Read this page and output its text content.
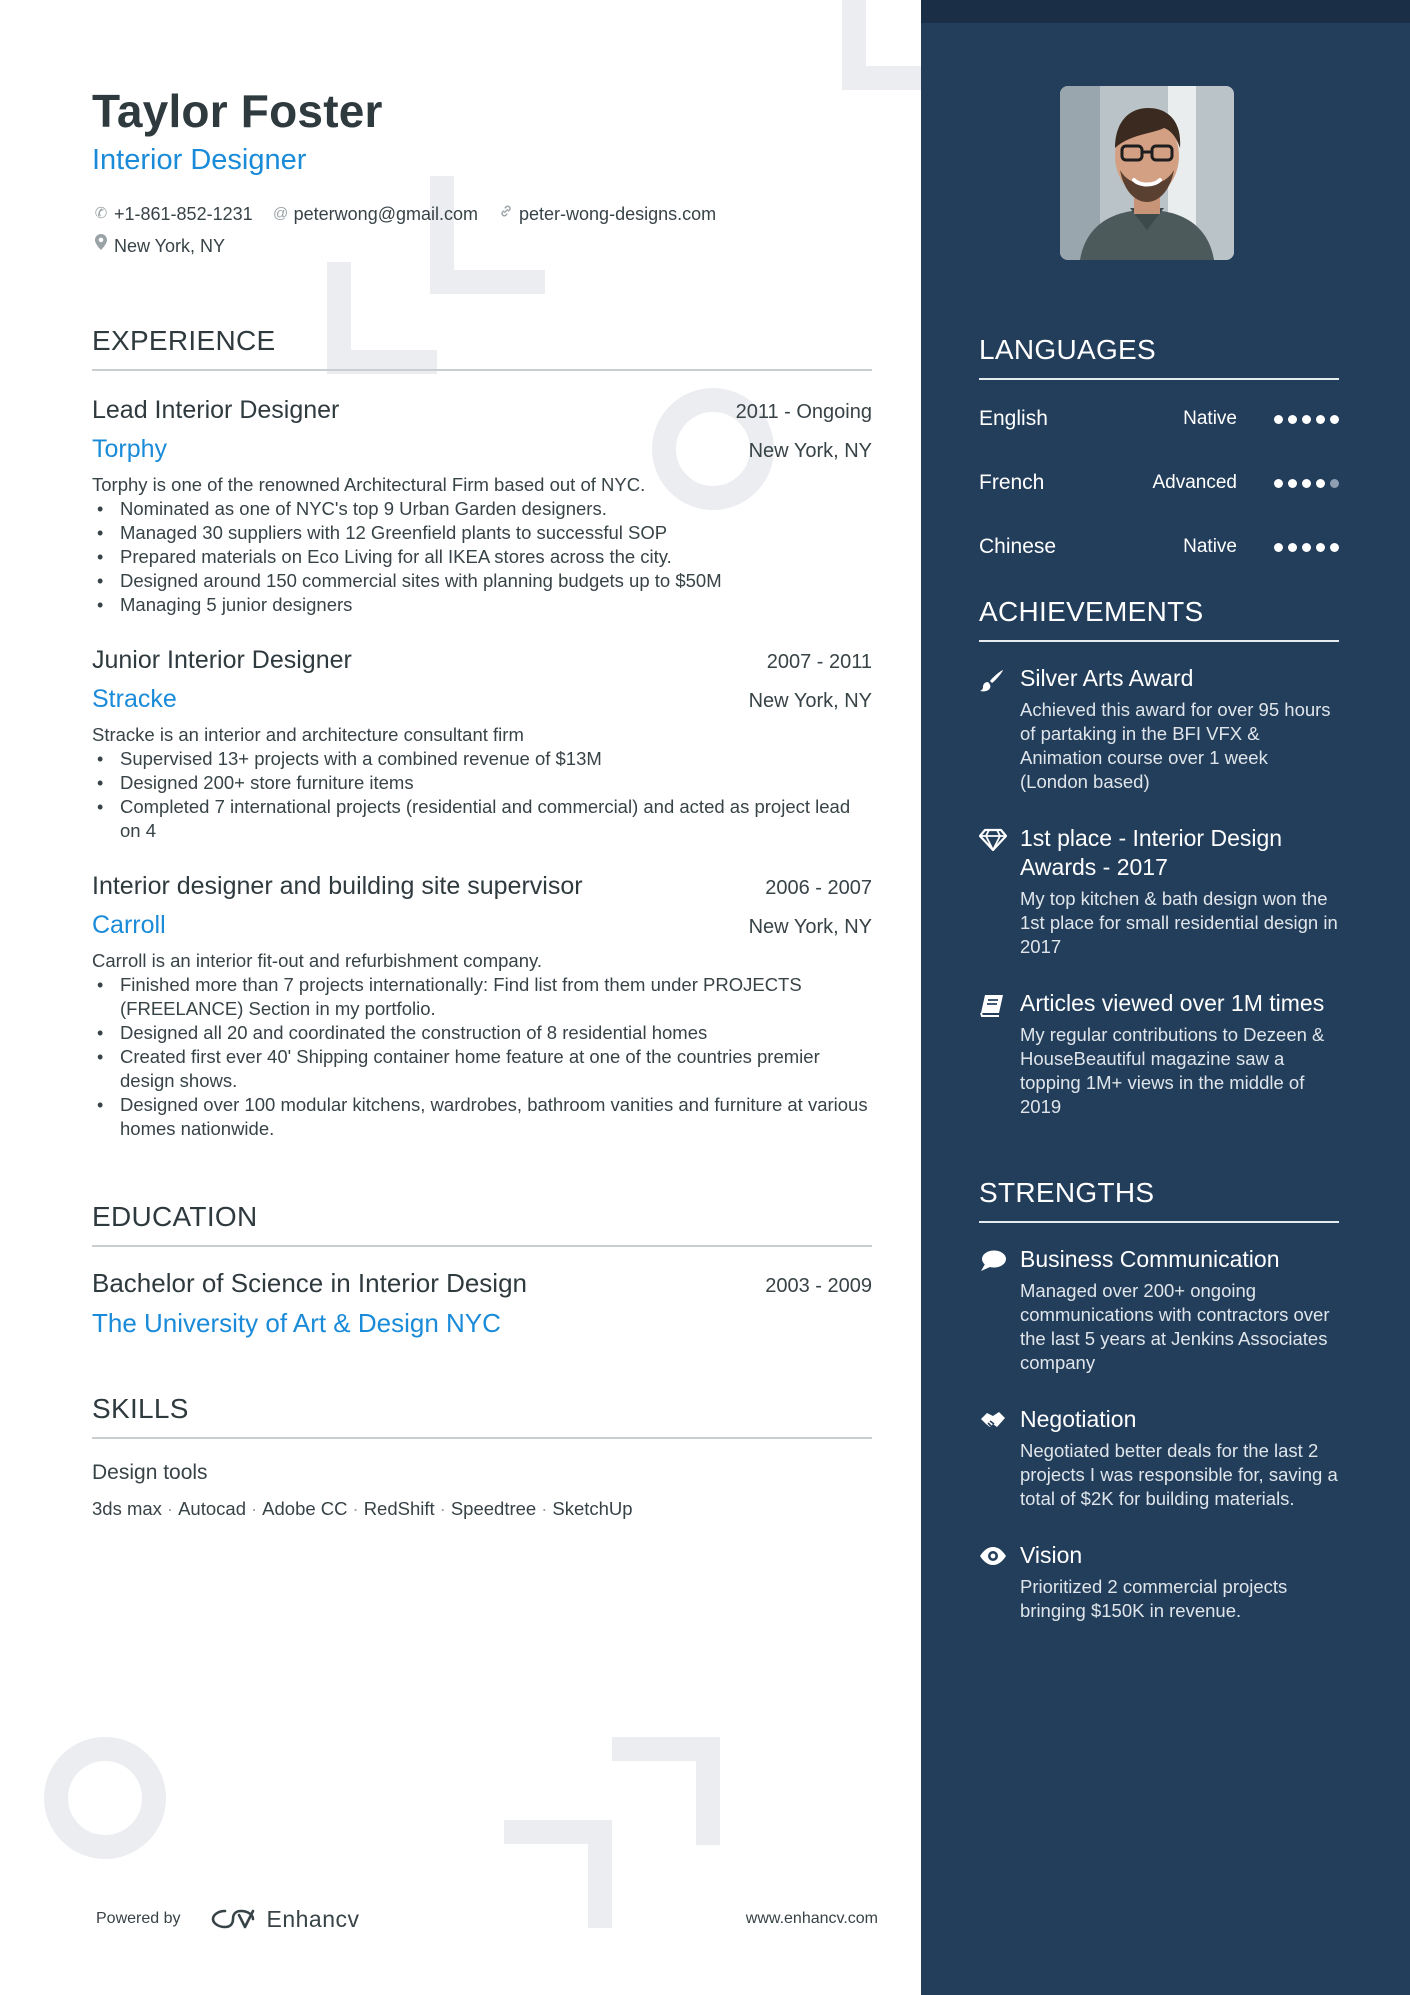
Taylor Foster
Interior Designer
✆ +1-861-852-1231
@ peterwong@gmail.com
peter-wong-designs.com
New York, NY
EXPERIENCE
Lead Interior Designer	2011 - Ongoing
Torphy	New York, NY
Torphy is one of the renowned Architectural Firm based out of NYC.
• Nominated as one of NYC's top 9 Urban Garden designers.
• Managed 30 suppliers with 12 Greenfield plants to successful SOP
• Prepared materials on Eco Living for all IKEA stores across the city.
• Designed around 150 commercial sites with planning budgets up to $50M
• Managing 5 junior designers
Junior Interior Designer	2007 - 2011
Stracke	New York, NY
Stracke is an interior and architecture consultant firm
• Supervised 13+ projects with a combined revenue of $13M
• Designed 200+ store furniture items
• Completed 7 international projects (residential and commercial) and acted as project lead on 4
Interior designer and building site supervisor	2006 - 2007
Carroll	New York, NY
Carroll is an interior fit-out and refurbishment company.
• Finished more than 7 projects internationally: Find list from them under PROJECTS (FREELANCE) Section in my portfolio.
• Designed all 20 and coordinated the construction of 8 residential homes
• Created first ever 40' Shipping container home feature at one of the countries premier design shows.
• Designed over 100 modular kitchens, wardrobes, bathroom vanities and furniture at various homes nationwide.
EDUCATION
Bachelor of Science in Interior Design	2003 - 2009
The University of Art & Design NYC
SKILLS
Design tools
3ds max · Autocad · Adobe CC · RedShift · Speedtree · SketchUp
Powered by	Enhancv	www.enhancv.com
LANGUAGES
English	Native
French	Advanced
Chinese	Native
ACHIEVEMENTS
Silver Arts Award
Achieved this award for over 95 hours of partaking in the BFI VFX & Animation course over 1 week (London based)
1st place - Interior Design Awards - 2017
My top kitchen & bath design won the 1st place for small residential design in 2017
Articles viewed over 1M times
My regular contributions to Dezeen & HouseBeautiful magazine saw a topping 1M+ views in the middle of 2019
STRENGTHS
Business Communication
Managed over 200+ ongoing communications with contractors over the last 5 years at Jenkins Associates company
Negotiation
Negotiated better deals for the last 2 projects I was responsible for, saving a total of $2K for building materials.
Vision
Prioritized 2 commercial projects bringing $150K in revenue.
